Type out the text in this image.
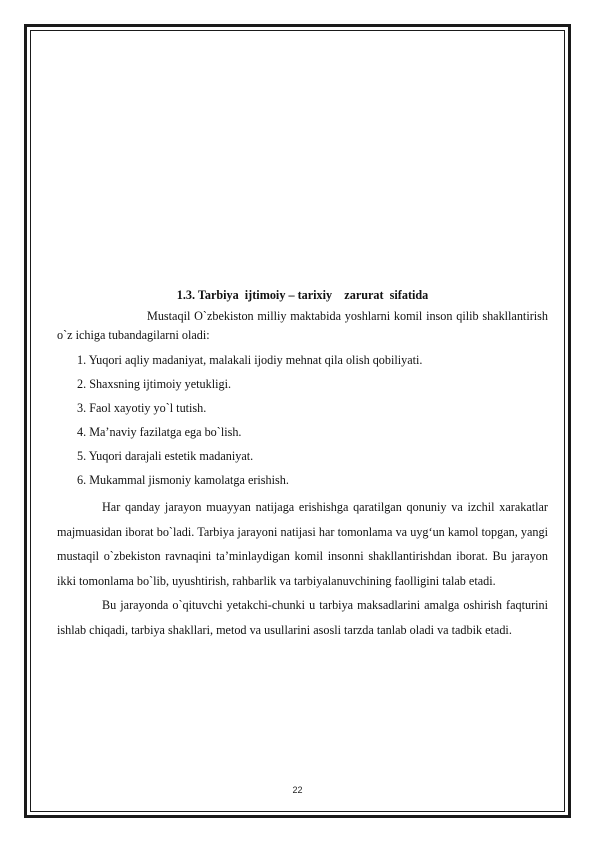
1.3. Tarbiya  ijtimoiy – tarixiy    zarurat  sifatida

Mustaqil O`zbekiston milliy maktabida yoshlarni komil inson qilib shakllantirish o`z ichiga tubandagilarni oladi:

1. Yuqori aqliy madaniyat, malakali ijodiy mehnat qila olish qobiliyati.
2. Shaxsning ijtimoiy yetukligi.
3. Faol xayotiy yo`l tutish.
4. Ma’naviy fazilatga ega bo`lish.
5. Yuqori darajali estetik madaniyat.
6. Mukammal jismoniy kamolatga erishish.

Har qanday jarayon muayyan natijaga erishishga qaratilgan qonuniy va izchil xarakatlar majmuasidan iborat bo`ladi. Tarbiya jarayoni natijasi har tomonlama va uyg‘un kamol topgan, yangi mustaqil o`zbekiston ravnaqini ta’minlaydigan komil insonni shakllantirishdan iborat. Bu jarayon ikki tomonlama bo`lib, uyushtirish, rahbarlik va tarbiyalanuvchining faolligini talab etadi.

Bu jarayonda o`qituvchi yetakchi-chunki u tarbiya maksadlarini amalga oshirish faqturini ishlab chiqadi, tarbiya shakllari, metod va usullarini asosli tarzda tanlab oladi va tadbik etadi.

22
